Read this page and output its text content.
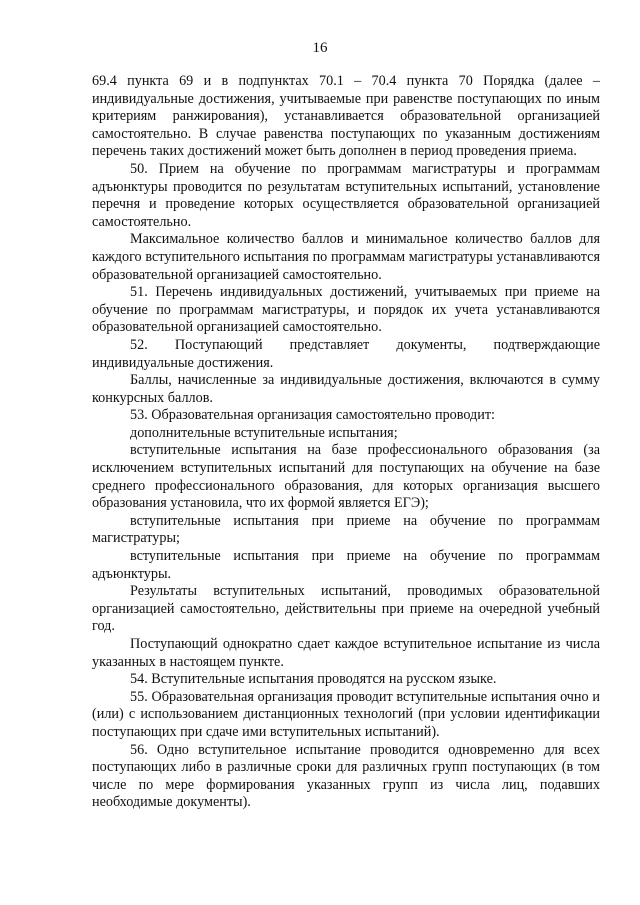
16

69.4 пункта 69 и в подпунктах 70.1 – 70.4 пункта 70 Порядка (далее – индивидуальные достижения, учитываемые при равенстве поступающих по иным критериям ранжирования), устанавливается образовательной организацией самостоятельно. В случае равенства поступающих по указанным достижениям перечень таких достижений может быть дополнен в период проведения приема.

50. Прием на обучение по программам магистратуры и программам адъюнктуры проводится по результатам вступительных испытаний, установление перечня и проведение которых осуществляется образовательной организацией самостоятельно.

Максимальное количество баллов и минимальное количество баллов для каждого вступительного испытания по программам магистратуры устанавливаются образовательной организацией самостоятельно.

51. Перечень индивидуальных достижений, учитываемых при приеме на обучение по программам магистратуры, и порядок их учета устанавливаются образовательной организацией самостоятельно.

52. Поступающий представляет документы, подтверждающие индивидуальные достижения.

Баллы, начисленные за индивидуальные достижения, включаются в сумму конкурсных баллов.

53. Образовательная организация самостоятельно проводит:

дополнительные вступительные испытания;

вступительные испытания на базе профессионального образования (за исключением вступительных испытаний для поступающих на обучение на базе среднего профессионального образования, для которых организация высшего образования установила, что их формой является ЕГЭ);

вступительные испытания при приеме на обучение по программам магистратуры;

вступительные испытания при приеме на обучение по программам адъюнктуры.

Результаты вступительных испытаний, проводимых образовательной организацией самостоятельно, действительны при приеме на очередной учебный год.

Поступающий однократно сдает каждое вступительное испытание из числа указанных в настоящем пункте.

54. Вступительные испытания проводятся на русском языке.

55. Образовательная организация проводит вступительные испытания очно и (или) с использованием дистанционных технологий (при условии идентификации поступающих при сдаче ими вступительных испытаний).

56. Одно вступительное испытание проводится одновременно для всех поступающих либо в различные сроки для различных групп поступающих (в том числе по мере формирования указанных групп из числа лиц, подавших необходимые документы).
